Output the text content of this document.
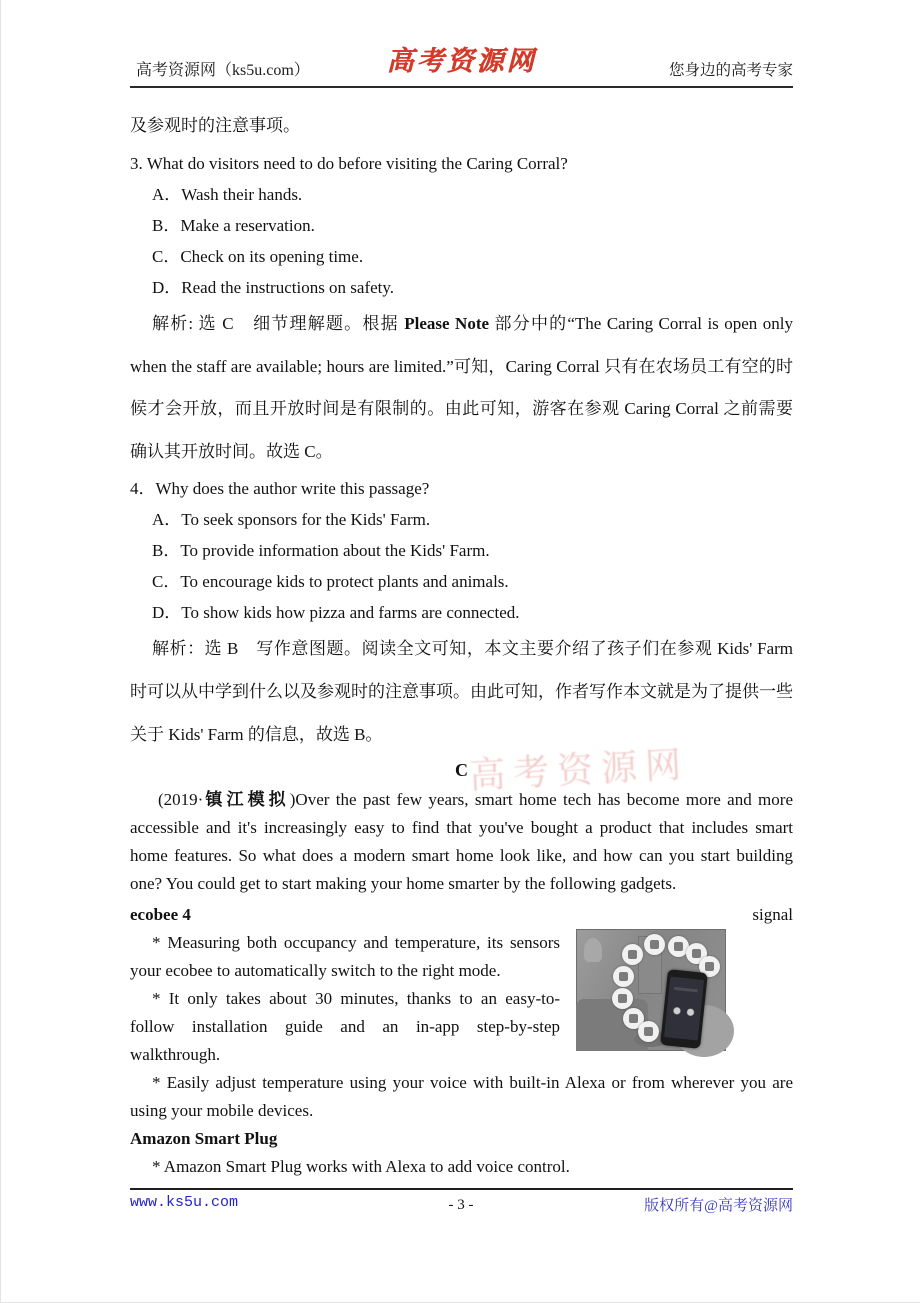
高考资源网（ks5u.com）	高考资源网	您身边的高考专家
高考资源网

及参观时的注意事项。

3. What do visitors need to do before visiting the Caring Corral?

A．Wash their hands.

B．Make a reservation.

C．Check on its opening time.

D．Read the instructions on safety.

解析: 选 C　细节理解题。根据 Please Note 部分中的“The Caring Corral is open only when the staff are available; hours are limited.”可知，Caring Corral 只有在农场员工有空的时候才会开放，而且开放时间是有限制的。由此可知，游客在参观 Caring Corral 之前需要确认其开放时间。故选 C。

4．Why does the author write this passage?

A．To seek sponsors for the Kids' Farm.

B．To provide information about the Kids' Farm.

C．To encourage kids to protect plants and animals.

D．To show kids how pizza and farms are connected.

解析：选 B　写作意图题。阅读全文可知，本文主要介绍了孩子们在参观 Kids' Farm 时可以从中学到什么以及参观时的注意事项。由此可知，作者写作本文就是为了提供一些关于 Kids' Farm 的信息，故选 B。

C

(2019·镇江模拟)Over the past few years, smart home tech has become more and more accessible and it's increasingly easy to find that you've bought a product that includes smart home features. So what does a modern smart home look like, and how can you start building one? You could get to start making your home smarter by the following gadgets.

signal

ecobee 4

* Measuring both occupancy and temperature, its sensors your ecobee to automatically switch to the right mode.

* It only takes about 30 minutes, thanks to an easy-to-follow installation guide and an in-app step-by-step walkthrough.

* Easily adjust temperature using your voice with built-in Alexa or from wherever you are using your mobile devices.

Amazon Smart Plug

* Amazon Smart Plug works with Alexa to add voice control.

www.ks5u.com	版权所有@高考资源网
- 3 -
